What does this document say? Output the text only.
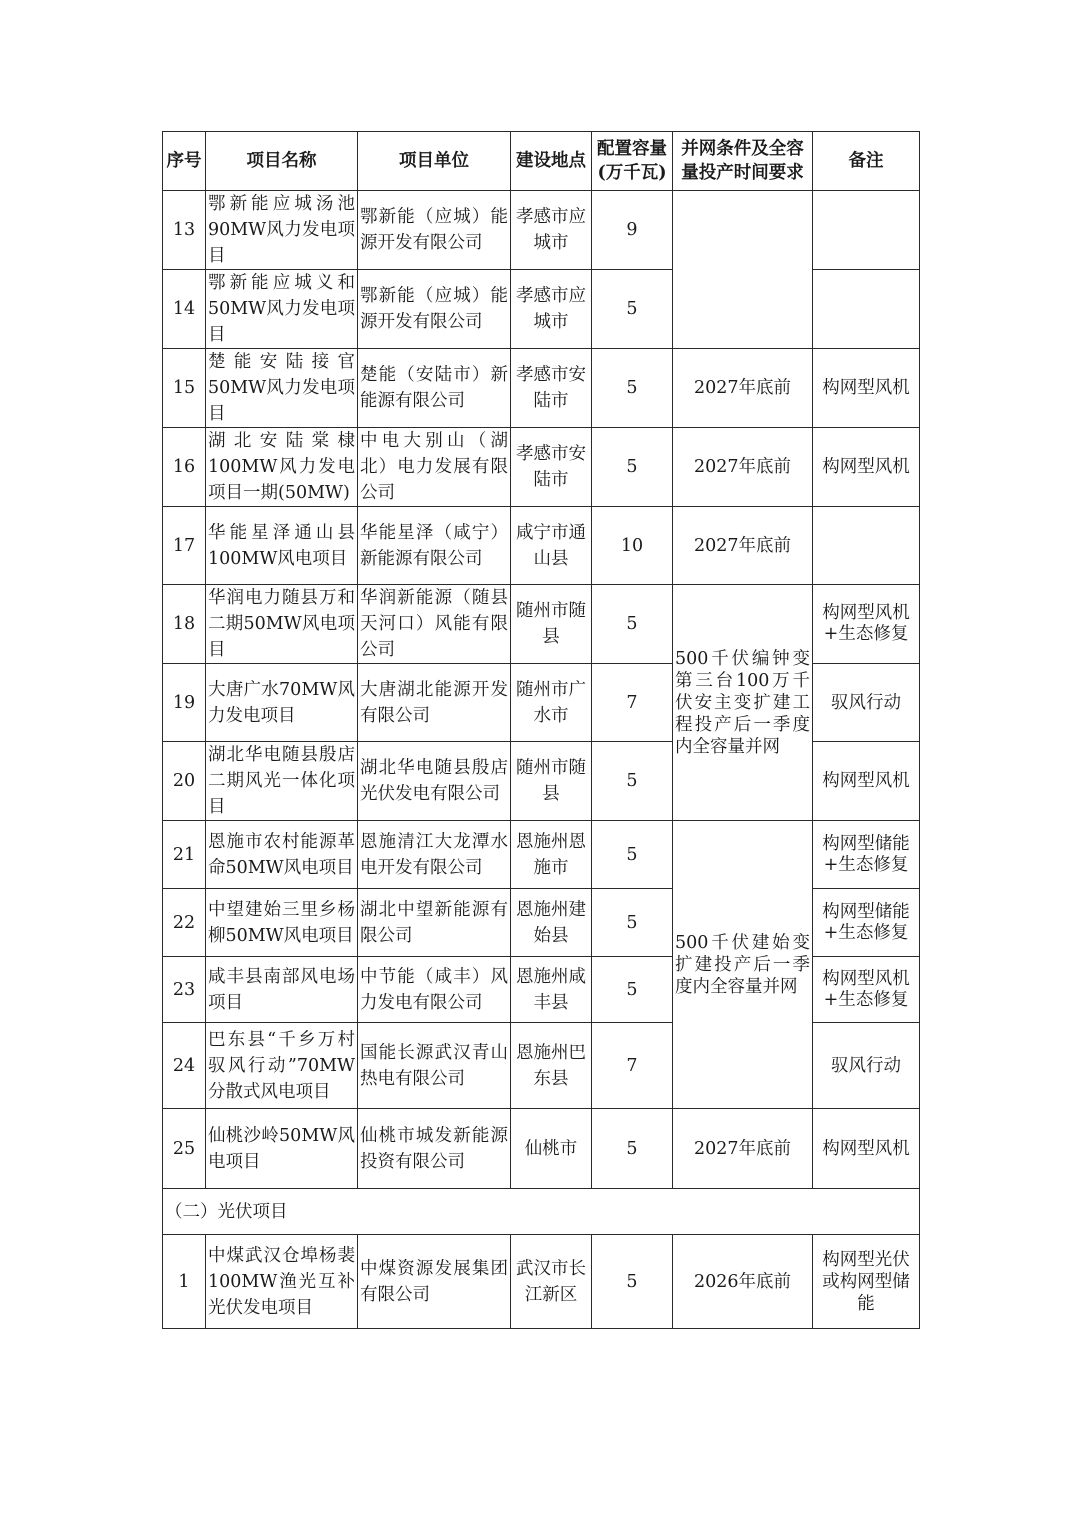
序号	项目名称	项目单位	建设地点	配置容量(万千瓦)	并网条件及全容量投产时间要求	备注
13	鄂新能应城汤池90MW风力发电项目	鄂新能（应城）能源开发有限公司	孝感市应城市	9		
14	鄂新能应城义和50MW风力发电项目	鄂新能（应城）能源开发有限公司	孝感市应城市	5		
15	楚能安陆接官50MW风力发电项目	楚能（安陆市）新能源有限公司	孝感市安陆市	5	2027年底前	构网型风机
16	湖北安陆棠棣100MW风力发电项目一期(50MW)	中电大别山（湖北）电力发展有限公司	孝感市安陆市	5	2027年底前	构网型风机
17	华能星泽通山县100MW风电项目	华能星泽（咸宁）新能源有限公司	咸宁市通山县	10	2027年底前	
18	华润电力随县万和二期50MW风电项目	华润新能源（随县天河口）风能有限公司	随州市随县	5	500千伏编钟变第三台100万千伏安主变扩建工程投产后一季度内全容量并网	构网型风机+生态修复
19	大唐广水70MW风力发电项目	大唐湖北能源开发有限公司	随州市广水市	7		驭风行动
20	湖北华电随县殷店二期风光一体化项目	湖北华电随县殷店光伏发电有限公司	随州市随县	5		构网型风机
21	恩施市农村能源革命50MW风电项目	恩施清江大龙潭水电开发有限公司	恩施州恩施市	5	500千伏建始变扩建投产后一季度内全容量并网	构网型储能+生态修复
22	中望建始三里乡杨柳50MW风电项目	湖北中望新能源有限公司	恩施州建始县	5		构网型储能+生态修复
23	咸丰县南部风电场项目	中节能（咸丰）风力发电有限公司	恩施州咸丰县	5		构网型风机+生态修复
24	巴东县“千乡万村驭风行动”70MW分散式风电项目	国能长源武汉青山热电有限公司	恩施州巴东县	7		驭风行动
25	仙桃沙岭50MW风电项目	仙桃市城发新能源投资有限公司	仙桃市	5	2027年底前	构网型风机
（二）光伏项目						
1	中煤武汉仓埠杨裴100MW渔光互补光伏发电项目	中煤资源发展集团有限公司	武汉市长江新区	5	2026年底前	构网型光伏或构网型储能
